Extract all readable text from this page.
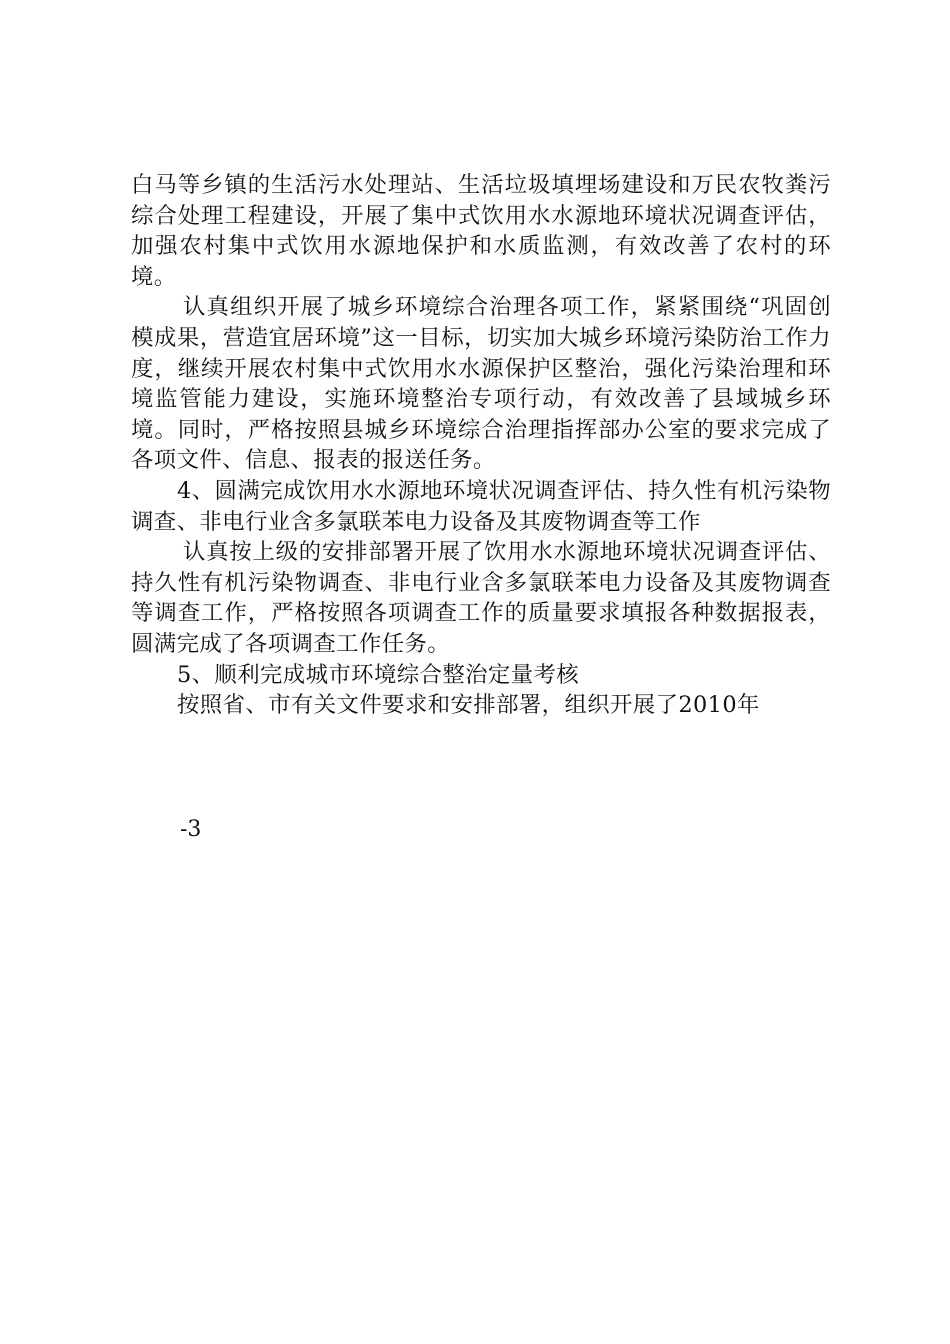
白马等乡镇的生活污水处理站、生活垃圾填埋场建设和万民农牧粪污综合处理工程建设，开展了集中式饮用水水源地环境状况调查评估，加强农村集中式饮用水源地保护和水质监测，有效改善了农村的环境。

认真组织开展了城乡环境综合治理各项工作，紧紧围绕“巩固创模成果，营造宜居环境”这一目标，切实加大城乡环境污染防治工作力度，继续开展农村集中式饮用水水源保护区整治，强化污染治理和环境监管能力建设，实施环境整治专项行动，有效改善了县域城乡环境。同时，严格按照县城乡环境综合治理指挥部办公室的要求完成了各项文件、信息、报表的报送任务。

4、圆满完成饮用水水源地环境状况调查评估、持久性有机污染物调查、非电行业含多氯联苯电力设备及其废物调查等工作

认真按上级的安排部署开展了饮用水水源地环境状况调查评估、持久性有机污染物调查、非电行业含多氯联苯电力设备及其废物调查等调查工作，严格按照各项调查工作的质量要求填报各种数据报表，圆满完成了各项调查工作任务。

5、顺利完成城市环境综合整治定量考核

按照省、市有关文件要求和安排部署，组织开展了2010年

-3
